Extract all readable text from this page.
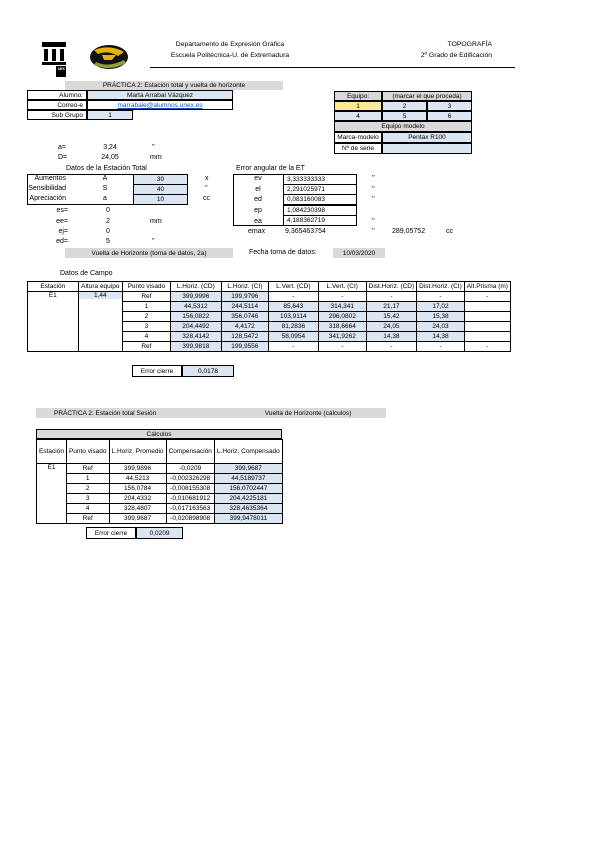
UEX
Departamento de Expresión Gráfica
Escuela Politécnica-U. de Extremadura
TOPOGRAFÍA
2º Grado de Edificación
PRÁCTICA 2: Estación total y vuelta de horizonte
Alumno:	Marta Arrabal Vázquez
Correo-e	marrabale@alumnos.unex.es
Sub Grupo	1
Equipo:	(marcar el que proceda)
1	2	3
4	5	6
Equipo modelo
Marca-modelo	Pentax R100
Nº de serie
a=	3,24	''
D=	24,05	mm
Datos de la Estación Total
Aumentos	A	30	x
Sensibilidad	S	40	''
Apreciación	a	10	cc
es=	0
ee=	2	mm
ej=	0
ed=	5	''
Error angular de la ET
ev	3,333333333	''
el	2,291025971	''
ed	0,083160083	''
ep	1,084230398
ea	4,188362719	''
emax	9,365463754	'' 289,05752	cc
Vuelta de Horizonte (toma de datos, 2a)	Fecha toma de datos:	10/03/2020
Datos de Campo
Estación	Altura equipo	Punto visado	L.Horiz. (CD)	L.Horiz. (CI)	L.Vert. (CD)	L.Vert. (CI)	Dist.Horiz. (CD)	Dist.Horiz. (CI)	Alt.Prisma (m)
E1	1,44	Ref	399,9996	199,9796	-	-	-	-	-
		1	44,5312	244,5114	85,643	314,341	21,17	17,02	
		2	156,0822	356,0746	103,9114	296,0802	15,42	15,38	
		3	204,4492	4,4172	81,2836	318,6664	24,05	24,03	
		4	328,4142	128,5472	58,0954	341,9262	14,38	14,38	
		Ref	399,9818	199,9556	-	-	-	-	-
Error cierre	0,0178
PRÁCTICA 2: Estación total Sesión	Vuelta de Horizonte (cálculos)
Cálculos
Estación	Punto visado	L.Horiz. Promedio	Compensación	L.Horiz. Compensado
E1	Ref	399,9896	-0,0209	399,9687
	1	44,5213	-0,002326298	44,5189737
	2	156,0784	-0,008155308	156,0702447
	3	204,4332	-0,010681912	204,4225181
	4	328,4807	-0,017163563	328,4635364
	Ref	399,9687	-0,020898908	399,9478011
Error cierre	0,0209
